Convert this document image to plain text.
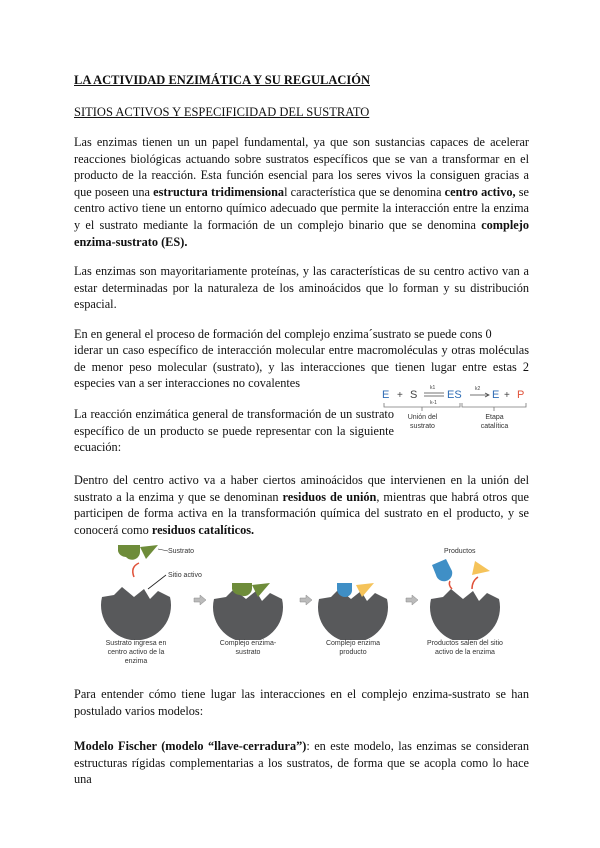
LA ACTIVIDAD ENZIMÁTICA Y SU REGULACIÓN
SITIOS ACTIVOS Y ESPECIFICIDAD DEL SUSTRATO
Las enzimas tienen un un papel fundamental, ya que son sustancias capaces de acelerar reacciones biológicas actuando sobre sustratos específicos que se van a transformar en el producto de la reacción. Esta función esencial para los seres vivos la consiguen gracias a que poseen una estructura tridimensional característica que se denomina centro activo, se centro activo tiene un entorno químico adecuado que permite la interacción entre la enzima y el sustrato mediante la formación de un complejo binario que se denomina complejo enzima-sustrato (ES).
Las enzimas son mayoritariamente proteínas, y las características de su centro activo van a estar determinadas por la naturaleza de los aminoácidos que lo forman y su distribución espacial.
En en general el proceso de formación del complejo enzima´sustrato se puede cons 0
iderar un caso específico de interacción molecular entre macromoléculas y otras moléculas de menor peso molecular (sustrato), y las interacciones que tienen lugar entre estas 2 especies van a ser interacciones no covalentes
La reacción enzimática general de transformación de un sustrato específico de un producto se puede representar con la siguiente ecuación:
E + S
k1
k-1
ES	k2 E + P
Unión del sustrato
Etapa catalítica
Dentro del centro activo va a haber ciertos aminoácidos que intervienen en la unión del sustrato a la enzima y que se denominan residuos de unión, mientras que habrá otros que participen de forma activa en la transformación química del sustrato en el producto, y se conocerá como residuos catalíticos.
Sustrato
Sitio activo
Productos
Sustrato ingresa en centro activo de la enzima
Complejo enzima-sustrato
Complejo enzima producto
Productos salen del sitio activo de la enzima
Para entender cómo tiene lugar las interacciones en el complejo enzima-sustrato se han postulado varios modelos:
Modelo Fischer (modelo “llave-cerradura”): en este modelo, las enzimas se consideran estructuras rígidas complementarias a los sustratos, de forma que se acopla como lo hace una
